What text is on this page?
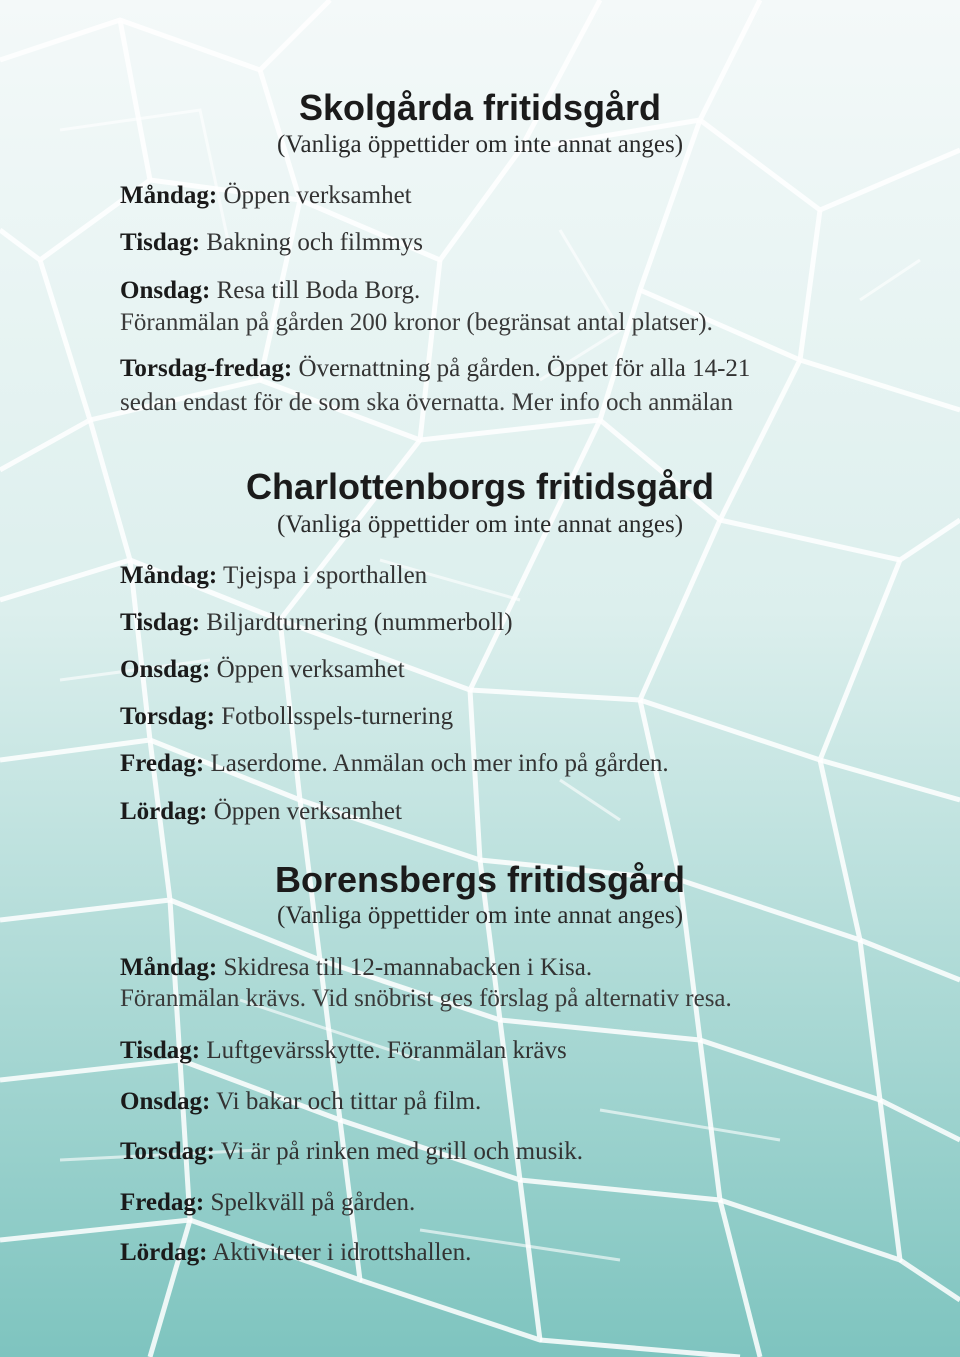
Skolgårda fritidsgård
(Vanliga öppettider om inte annat anges)
Måndag: Öppen verksamhet
Tisdag: Bakning och filmmys
Onsdag: Resa till Boda Borg.
Föranmälan på gården 200 kronor (begränsat antal platser).
Torsdag-fredag: Övernattning på gården. Öppet för alla 14-21
sedan endast för de som ska övernatta. Mer info och anmälan
Charlottenborgs fritidsgård
(Vanliga öppettider om inte annat anges)
Måndag: Tjejspa i sporthallen
Tisdag: Biljardturnering (nummerboll)
Onsdag: Öppen verksamhet
Torsdag: Fotbollsspels-turnering
Fredag: Laserdome. Anmälan och mer info på gården.
Lördag: Öppen verksamhet
Borensbergs fritidsgård
(Vanliga öppettider om inte annat anges)
Måndag: Skidresa till 12-mannabacken i Kisa.
Föranmälan krävs. Vid snöbrist ges förslag på alternativ resa.
Tisdag: Luftgevärsskytte. Föranmälan krävs
Onsdag: Vi bakar och tittar på film.
Torsdag: Vi är på rinken med grill och musik.
Fredag: Spelkväll på gården.
Lördag: Aktiviteter i idrottshallen.
